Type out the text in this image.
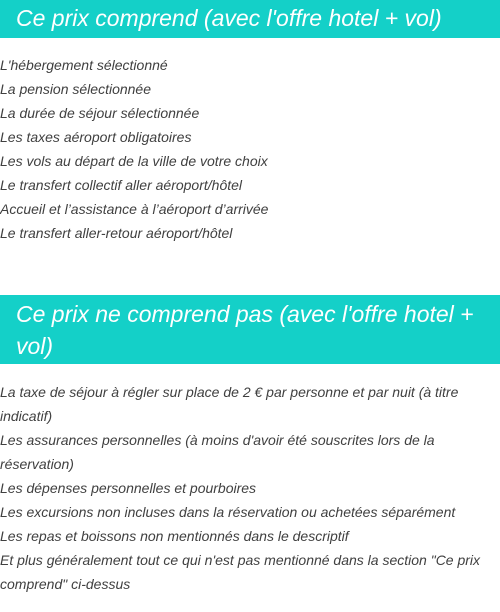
Ce prix comprend (avec l'offre hotel + vol)
L'hébergement sélectionné
La pension sélectionnée
La durée de séjour sélectionnée
Les taxes aéroport obligatoires
Les vols au départ de la ville de votre choix
Le transfert collectif aller aéroport/hôtel
Accueil et l’assistance à l’aéroport d’arrivée
Le transfert aller-retour aéroport/hôtel
Ce prix ne comprend pas (avec l'offre hotel + vol)
La taxe de séjour à régler sur place de 2 € par personne et par nuit (à titre indicatif)
Les assurances personnelles (à moins d'avoir été souscrites lors de la réservation)
Les dépenses personnelles et pourboires
Les excursions non incluses dans la réservation ou achetées séparément
Les repas et boissons non mentionnés dans le descriptif
Et plus généralement tout ce qui n'est pas mentionné dans la section "Ce prix comprend" ci-dessus
